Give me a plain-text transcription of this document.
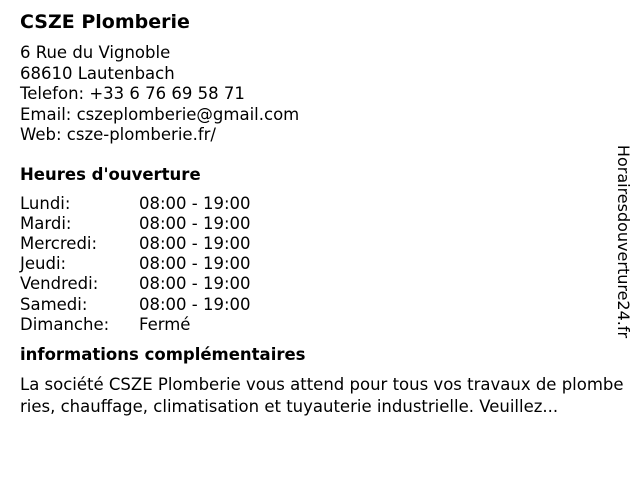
CSZE Plomberie
6 Rue du Vignoble
68610 Lautenbach
Telefon: +33 6 76 69 58 71
Email: cszeplomberie@gmail.com
Web: csze-plomberie.fr/
Heures d'ouverture
Lundi:	08:00 - 19:00
Mardi:	08:00 - 19:00
Mercredi:	08:00 - 19:00
Jeudi:	08:00 - 19:00
Vendredi:	08:00 - 19:00
Samedi:	08:00 - 19:00
Dimanche:	Fermé
informations complémentaires
La société CSZE Plomberie vous attend pour tous vos travaux de plomberies, chauffage, climatisation et tuyauterie industrielle. Veuillez...
Horairesdouverture24.fr
